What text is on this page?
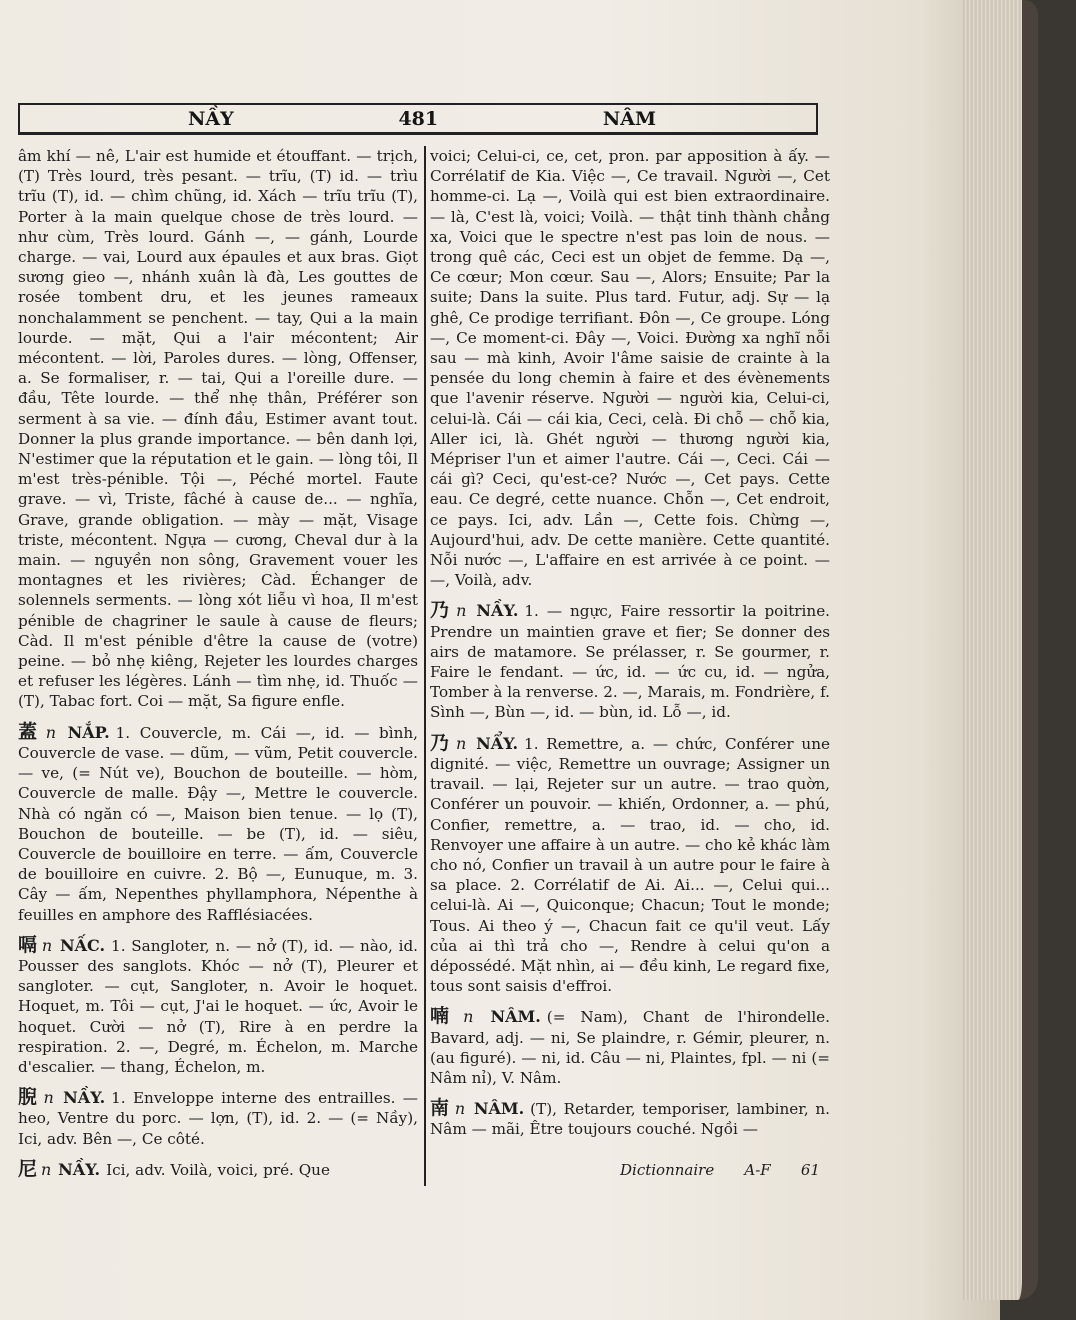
NẦY	481	NÂM

âm khí — nê, L'air est humide et étouffant. — trịch, (T) Très lourd, très pesant. — trĩu, (T) id. — trìu trĩu (T), id. — chìm chũng, id. Xách — trĩu trĩu (T), Porter à la main quelque chose de très lourd. — như cùm, Très lourd. Gánh —, — gánh, Lourde charge. — vai, Lourd aux épaules et aux bras. Giọt sương gieo —, nhánh xuân là đà, Les gouttes de rosée tombent dru, et les jeunes rameaux nonchalamment se penchent. — tay, Qui a la main lourde. — mặt, Qui a l'air mécontent; Air mécontent. — lời, Paroles dures. — lòng, Offenser, a. Se formaliser, r. — tai, Qui a l'oreille dure. — đầu, Tête lourde. — thể nhẹ thân, Préférer son serment à sa vie. — đính đầu, Estimer avant tout. Donner la plus grande importance. — bên danh lợi, N'estimer que la réputation et le gain. — lòng tôi, Il m'est très-pénible. Tội —, Péché mortel. Faute grave. — vì, Triste, fâché à cause de... — nghĩa, Grave, grande obligation. — mày — mặt, Visage triste, mécontent. Ngựa — cương, Cheval dur à la main. — nguyền non sông, Gravement vouer les montagnes et les rivières; Càd. Échanger de solennels serments. — lòng xót liễu vì hoa, Il m'est pénible de chagriner le saule à cause de fleurs; Càd. Il m'est pénible d'être la cause de (votre) peine. — bỏ nhẹ kiêng, Rejeter les lourdes charges et refuser les légères. Lánh — tìm nhẹ, id. Thuốc — (T), Tabac fort. Coi — mặt, Sa figure enfle.

蓋 n NẮP. 1. Couvercle, m. Cái —, id. — bình, Couvercle de vase. — dũm, — vũm, Petit couvercle. — ve, (= Nút ve), Bouchon de bouteille. — hòm, Couvercle de malle. Đậy —, Mettre le couvercle. Nhà có ngăn có —, Maison bien tenue. — lọ (T), Bouchon de bouteille. — be (T), id. — siêu, Couvercle de bouilloire en terre. — ấm, Couvercle de bouilloire en cuivre. 2. Bộ —, Eunuque, m. 3. Cây — ấm, Nepenthes phyllamphora, Népenthe à feuilles en amphore des Rafflésiacées.

嗝 n NẤC. 1. Sangloter, n. — nở (T), id. — nào, id. Pousser des sanglots. Khóc — nở (T), Pleurer et sangloter. — cụt, Sangloter, n. Avoir le hoquet. Hoquet, m. Tôi — cụt, J'ai le hoquet. — ức, Avoir le hoquet. Cười — nở (T), Rire à en perdre la respiration. 2. —, Degré, m. Échelon, m. Marche d'escalier. — thang, Échelon, m.

腉 n NẦY. 1. Enveloppe interne des entrailles. — heo, Ventre du porc. — lợn, (T), id. 2. — (= Nầy), Ici, adv. Bên —, Ce côté.

尼 n NẦY. Ici, adv. Voilà, voici, pré. Que

voici; Celui-ci, ce, cet, pron. par apposition à ấy. — Corrélatif de Kia. Việc —, Ce travail. Người —, Cet homme-ci. Lạ —, Voilà qui est bien extraordinaire. — là, C'est là, voici; Voilà. — thật tinh thành chẳng xa, Voici que le spectre n'est pas loin de nous. — trong quê các, Ceci est un objet de femme. Dạ —, Ce cœur; Mon cœur. Sau —, Alors; Ensuite; Par la suite; Dans la suite. Plus tard. Futur, adj. Sự — lạ ghê, Ce prodige terrifiant. Đôn —, Ce groupe. Lóng —, Ce moment-ci. Đây —, Voici. Đường xa nghĩ nỗi sau — mà kinh, Avoir l'âme saisie de crainte à la pensée du long chemin à faire et des évènements que l'avenir réserve. Người — người kia, Celui-ci, celui-là. Cái — cái kia, Ceci, celà. Đi chỗ — chỗ kia, Aller ici, là. Ghét người — thương người kia, Mépriser l'un et aimer l'autre. Cái —, Ceci. Cái — cái gì? Ceci, qu'est-ce? Nước —, Cet pays. Cette eau. Ce degré, cette nuance. Chỗn —, Cet endroit, ce pays. Ici, adv. Lần —, Cette fois. Chừng —, Aujourd'hui, adv. De cette manière. Cette quantité. Nỗi nước —, L'affaire en est arrivée à ce point. — —, Voilà, adv.

乃 n NẦY. 1. — ngực, Faire ressortir la poitrine. Prendre un maintien grave et fier; Se donner des airs de matamore. Se prélasser, r. Se gourmer, r. Faire le fendant. — ức, id. — ức cu, id. — ngửa, Tomber à la renverse. 2. —, Marais, m. Fondrière, f. Sình —, Bùn —, id. — bùn, id. Lỗ —, id.

乃 n NẨY. 1. Remettre, a. — chức, Conférer une dignité. — việc, Remettre un ouvrage; Assigner un travail. — lại, Rejeter sur un autre. — trao quờn, Conférer un pouvoir. — khiến, Ordonner, a. — phú, Confier, remettre, a. — trao, id. — cho, id. Renvoyer une affaire à un autre. — cho kẻ khác làm cho nó, Confier un travail à un autre pour le faire à sa place. 2. Corrélatif de Ai. Ai... —, Celui qui... celui-là. Ai —, Quiconque; Chacun; Tout le monde; Tous. Ai theo ý —, Chacun fait ce qu'il veut. Lấy của ai thì trả cho —, Rendre à celui qu'on a dépossédé. Mặt nhìn, ai — đều kinh, Le regard fixe, tous sont saisis d'effroi.

喃 n NÂM. (= Nam), Chant de l'hirondelle. Bavard, adj. — ni, Se plaindre, r. Gémir, pleurer, n. (au figuré). — ni, id. Câu — ni, Plaintes, fpl. — ni (= Nâm nỉ), V. Nâm.

南 n NÂM. (T), Retarder, temporiser, lambiner, n. Nâm — mãi, Être toujours couché. Ngồi —

Dictionnaire A-F 61
